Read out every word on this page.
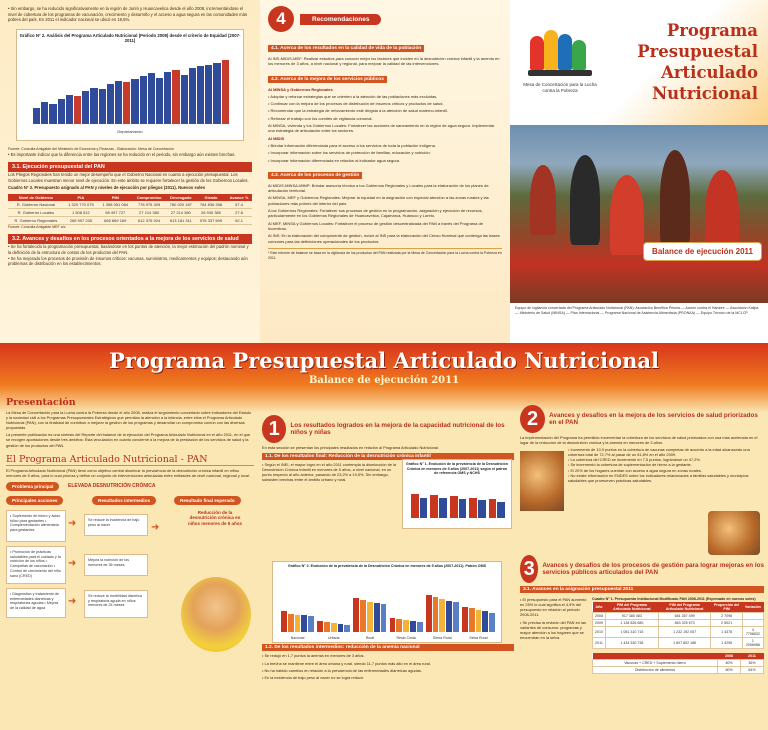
• Sin embargo, se ha reducido significativamente en la región de Junín y Huancavelica desde el año 2008, incrementándose el nivel de cobertura de los programas de vacunación, crecimiento y desarrollo y el acceso a agua segura en las comunidades más pobres del país. En 2011 el indicador nacional se ubicó en 19,5%.

Gráfico N° 2. Análisis del Programa Articulado Nutricional (Periodo 2008) desde el criterio de Equidad (2007-2011)
Departamento

Fuente: Consulta Amigable del Ministerio de Economía y Finanzas - Elaboración: Mesa de Concertación

• Es importante indicar que la diferencia entre las regiones se ha reducido en el periodo, sin embargo aún existen brechas.

3.1. Ejecución presupuestal del PAN

Los Pliegos Regionales han tenido un mejor desempeño que el Gobierno Nacional en cuanto a ejecución presupuestal. Los Gobiernos Locales muestran menor nivel de ejecución. En este ámbito se requiere fortalecer la gestión de los Gobiernos Locales.

Cuadro N° 3. Presupuesto asignado al PAN y niveles de ejecución por pliegos (2011). Nuevos soles

Nivel de Gobierno	PIA	PIM	Compromiso	Devengado	Girado	Avance %
R. Gobierno Nacional	1 320 770 075	1 358 051 084	778 975 309	780 020 187	764 836 358	57.4
R. Gobierno Locales	1 508 512	98 497 727	27 214 380	27 214 380	26 930 380	27.6
R. Gobierno Regionales	265 997 235	665 869 169	612 375 924	613 181 311	576 337 509	92.1

Fuente: Consulta Amigable MEF a/c

3.2. Avances y desafíos en los procesos orientados a la mejora de los servicios de salud

• Se ha fortalecido la programación presupuestal, basándose en los puntos de atención, la mejor estimación del padrón nominal y la definición de la estructura de costos de los productos del PAN.

• Se ha mejorado los procesos de provisión de insumos críticos: vacunas, suministros, medicamentos y equipos; destacando aún problemas de distribución en los establecimientos.

4	Recomendaciones
4.1. Acerca de los resultados en la calidad de vida de la población

Al INS-MIDIS-MEF: Realizar estudios para conocer mejor los factores que inciden en la desnutrición crónica infantil y la anemia en los menores de 3 años, a nivel nacional y regional, para mejorar la calidad de las intervenciones.

4.2. Acerca de la mejora de los servicios públicos

Al MINSA y Gobiernos Regionales

• Adoptar y reforzar estrategias que se orienten a la atención de las poblaciones más excluidas.

• Continuar con la mejora de los procesos de distribución de insumos críticos y productos de salud.

• Recomendar que la estrategia de reforzamiento esté dirigida a la atención de salud materno-infantil.

• Reforzar el trabajo con los comités de vigilancia comunal.

Al MINSA, vivienda y los Gobiernos Locales: Fortalecer las acciones de saneamiento en la región de agua segura. Implementar una estrategia de articulación entre los sectores.

Al MIDIS

• Brindar información diferenciada para el acceso a los servicios de toda la población indígena.

• Incorporar información sobre los servicios de protección de familias, educación y nutrición.

• Incorporar información diferenciada en relación al indicador agua segura.

4.3. Acerca de los procesos de gestión

Al MIDIS-MINSA-MIMP: Brindar asesoría técnica a los Gobiernos Regionales y Locales para la elaboración de los planes de articulación territorial.

Al MINSA, MEF y Gobiernos Regionales: Mejorar la equidad en la asignación con especial atención a las zonas rurales y las poblaciones más pobres del interior del país.

A los Gobiernos Regionales: Fortalecer sus procesos de gestión en la programación, asignación y ejecución de recursos, particularmente en los Gobiernos Regionales de Huancavelica, Cajamarca, Huánuco y Loreto.

Al MEF, MINSA y Gobiernos Locales: Fortalecer el proceso de gestión descentralizada del PAN a través del Programa de Incentivos.

Al INS: En la elaboración del componente de gestión, incluir al INS para la elaboración del Censo Nominal que contenga las bases comunes para las definiciones operacionales de los productos.

* Este informe de balance se basa en la vigilancia de los productos del PAN realizada por la Mesa de Concertación para la Lucha contra la Pobreza en 2011.

Mesa de Concertación para la Lucha contra la Pobreza
Programa
Presupuestal
Articulado
Nutricional
Balance de ejecución 2011

Equipo de vigilancia concertada del Programa Articulado Nutricional (PAN): Asociación Benéfica Prisma — Acción contra el Hambre — Asociación Kallpa — Ministerio de Salud (MINSA) — Plan Internacional — Programa Nacional de Asistencia Alimentaria (PRONAA) — Equipo Técnico de la MCLCP

Programa Presupuestal Articulado Nutricional
Balance de ejecución 2011
Presentación

La Mesa de Concertación para la Lucha contra la Pobreza desde el año 2008, realiza el seguimiento concertado sobre indicadores del Estado y la sociedad civil a los Programas Presupuestales Estratégicos que permitan la atención a la infancia, entre ellos el Programa Articulado Nutricional (PAN), con la finalidad de contribuir a mejorar la gestión de los programas y desarrollar un compromiso común con las diversas propuestas.

La presente publicación es una síntesis del Reporte del balance de la ejecución del Programa Articulado Nutricional en el año 2011, en el que se recogen aportaciones desde tres ámbitos: Ésta vinculación en cuanto concierne a la mejora de la prestación de los servicios de salud y la gestión de los productos del PAN.

El Programa Articulado Nutricional - PAN

El Programa Articulado Nutricional (PAN) tiene como objetivo central disminuir la prevalencia de la desnutrición crónica infantil en niños menores de 5 años, para lo cual prioriza y define un conjunto de intervenciones articuladas entre entidades de nivel nacional, regional y local.

Problema principal	ELEVADA DESNUTRICIÓN CRÓNICA
Principales acciones	Resultados intermedios	Resultado final esperado
• Suplemento de hierro y ácido fólico para gestantes • Complementación alimentaria para gestantes
• Promoción de prácticas saludables para el cuidado y la nutrición de los niños • Campañas de vacunación • Control de crecimiento del niño sano (CRED)
• Diagnóstico y tratamiento de enfermedades diarreicas y respiratorias agudas • Mejora de la calidad de agua
➜
➜
➜
Se reduce la incidencia de bajo peso al nacer
Mejora la nutrición de los menores de 36 meses
Se reduce la morbilidad diarreica y respiratoria aguda en niños menores de 24 meses
➜
Reducción de la desnutrición crónica en niños menores de 5 años
1	Los resultados logrados en la mejora de la capacidad nutricional de los niños y niñas

En esta sección se presentan los principales resultados en relación al Programa Articulado Nutricional.

1.1. De los resultados final: Reducción de la desnutrición crónica infantil

• Según el INEI, el mayor logro en el año 2011 contempla la disminución de la Desnutrición Crónica Infantil en menores de 5 años, a nivel nacional, en un punto respecto al año anterior, pasando de 23,2% a 19,5%. Sin embargo, subsisten brechas entre el ámbito urbano y rural.

Gráfico N° 1. Evolución de la prevalencia de la Desnutrición Crónica en menores de 5 años (2007-2011) según el patrón de referencia OMS y NCHS
Gráfico N° 2. Evolución de la prevalencia de la Desnutrición Crónica en menores de 5 años (2007-2011). Patrón OMS
Nacional	Urbana	Rural	Resto Costa	Sierra Rural	Selva Rural
1.2. De los resultados intermedios: reducción de la anemia nacional

• Se redujo en 1,7 puntos la anemia en menores de 3 años.

• La brecha se mantiene entre el área urbana y rural, siendo 11,7 puntos más alto en el área rural.

• No ha habido cambios en relación a la prevalencia de las enfermedades diarreicas agudas.

• En la incidencia de bajo peso al nacer no se logra reducir.

2	Avances y desafíos en la mejora de los servicios de salud priorizados en el PAN

La implementación del Programa ha permitido incrementar la cobertura de los servicios de salud priorizados con una más acelerada en el lugar de la reducción de la desnutrición crónica y la anemia en menores de 3 años.

• Incremento de 10,9 puntos en la cobertura de vacunas completas de acuerdo a la edad alcanzando una cobertura total de 72,7% al pasar de un 61,8% en el año 2009.
• La cobertura del CRED se incrementó en 7,5 puntos, lográndose un 47,2%.
• Se incrementó la cobertura de suplementación de hierro a la gestante.
• El 20% de los hogares cuentan con acceso a agua segura en zonas rurales.
• No existe información en ENDES sobre los indicadores relacionados a familias saludables y municipios saludables que promueven prácticas saludables.
3	Avances y desafíos de los procesos de gestión para lograr mejoras en los servicios públicos articulados del PAN
3.1. Avances en la asignación presupuestal 2011

• El presupuesto para el PAN aumentó en 25% lo cual significa el 4,9% del presupuesto en relación al periodo 2008-2011.

• Se precisa la revisión del PAN en las variantes de consumo: programas y mayor atención a los hogares que se encuentran en la selva.

Cuadro N° 1. Presupuesto Institucional Modificado PAN 2008-2011 (Expresado en nuevos soles)

Año	PIM del Programa Articulado Nutricional	PIM del Programa Articulado Nutricional	Proporción del PIM	Variación
2008	917 385 083	681 357 499	2 7096	
2009	1 138 826 680	863 325 573	2 5021	
2010	1 081 310 715	1 232 192 057	1 4378	4 7796832
2011	1 434 330 738	1 607 802 186	1 4296	1 2056988
	2008	2011
Vacunas + CRED + Suplemento hierro	40%	36%
Distribución de alimentos	60%	64%
